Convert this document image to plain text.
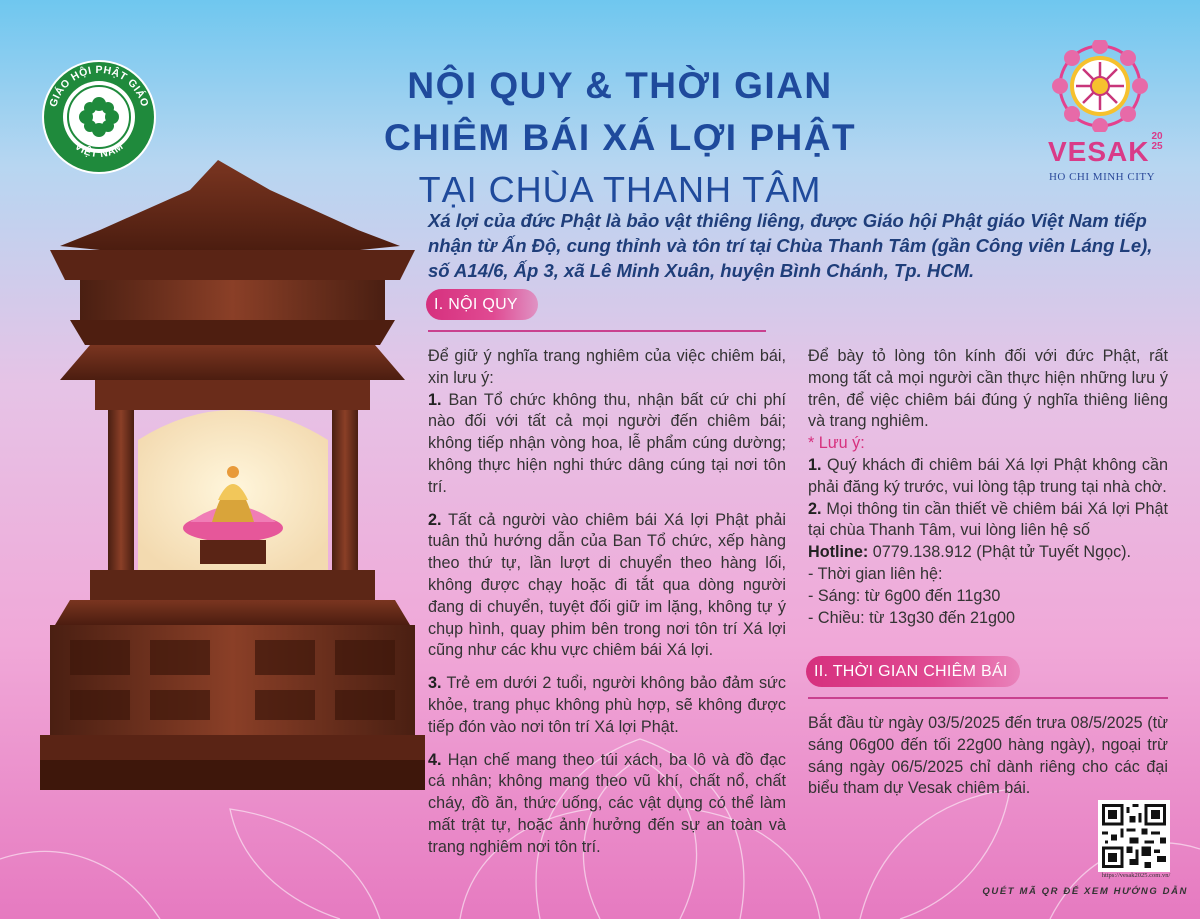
GIÁO HỘI PHẬT GIÁO
VIỆT NAM	VESAK 20
25
HO CHI MINH CITY
NỘI QUY & THỜI GIAN
CHIÊM BÁI XÁ LỢI PHẬT
TẠI CHÙA THANH TÂM
Xá lợi của đức Phật là bảo vật thiêng liêng, được Giáo hội Phật giáo Việt Nam tiếp nhận từ Ấn Độ, cung thỉnh và tôn trí tại Chùa Thanh Tâm (gần Công viên Láng Le), số A14/6, Ấp 3, xã Lê Minh Xuân, huyện Bình Chánh, Tp. HCM.
I. NỘI QUY

Để giữ ý nghĩa trang nghiêm của việc chiêm bái, xin lưu ý:
1. Ban Tổ chức không thu, nhận bất cứ chi phí nào đối với tất cả mọi người đến chiêm bái; không tiếp nhận vòng hoa, lễ phẩm cúng dường; không thực hiện nghi thức dâng cúng tại nơi tôn trí.

2. Tất cả người vào chiêm bái Xá lợi Phật phải tuân thủ hướng dẫn của Ban Tổ chức, xếp hàng theo thứ tự, lần lượt di chuyển theo hàng lối, không được chạy hoặc đi tắt qua dòng người đang di chuyển, tuyệt đối giữ im lặng, không tự ý chụp hình, quay phim bên trong nơi tôn trí Xá lợi cũng như các khu vực chiêm bái Xá lợi.

3. Trẻ em dưới 2 tuổi, người không bảo đảm sức khỏe, trang phục không phù hợp, sẽ không được tiếp đón vào nơi tôn trí Xá lợi Phật.

4. Hạn chế mang theo túi xách, ba lô và đồ đạc cá nhân; không mang theo vũ khí, chất nổ, chất cháy, đồ ăn, thức uống, các vật dụng có thể làm mất trật tự, hoặc ảnh hưởng đến sự an toàn và trang nghiêm nơi tôn trí.

Để bày tỏ lòng tôn kính đối với đức Phật, rất mong tất cả mọi người cần thực hiện những lưu ý trên, để việc chiêm bái đúng ý nghĩa thiêng liêng và trang nghiêm.
* Lưu ý:
1. Quý khách đi chiêm bái Xá lợi Phật không cần phải đăng ký trước, vui lòng tập trung tại nhà chờ.
2. Mọi thông tin cần thiết về chiêm bái Xá lợi Phật tại chùa Thanh Tâm, vui lòng liên hệ số
Hotline: 0779.138.912 (Phật tử Tuyết Ngọc).
- Thời gian liên hệ:
- Sáng: từ 6g00 đến 11g30
- Chiều: từ 13g30 đến 21g00
II. THỜI GIAN CHIÊM BÁI
Bắt đầu từ ngày 03/5/2025 đến trưa 08/5/2025 (từ sáng 06g00 đến tối 22g00 hàng ngày), ngoại trừ sáng ngày 06/5/2025 chỉ dành riêng cho các đại biểu tham dự Vesak chiêm bái.
https://vesak2025.com.vn/
QUÉT MÃ QR ĐỂ XEM HƯỚNG DẪN
